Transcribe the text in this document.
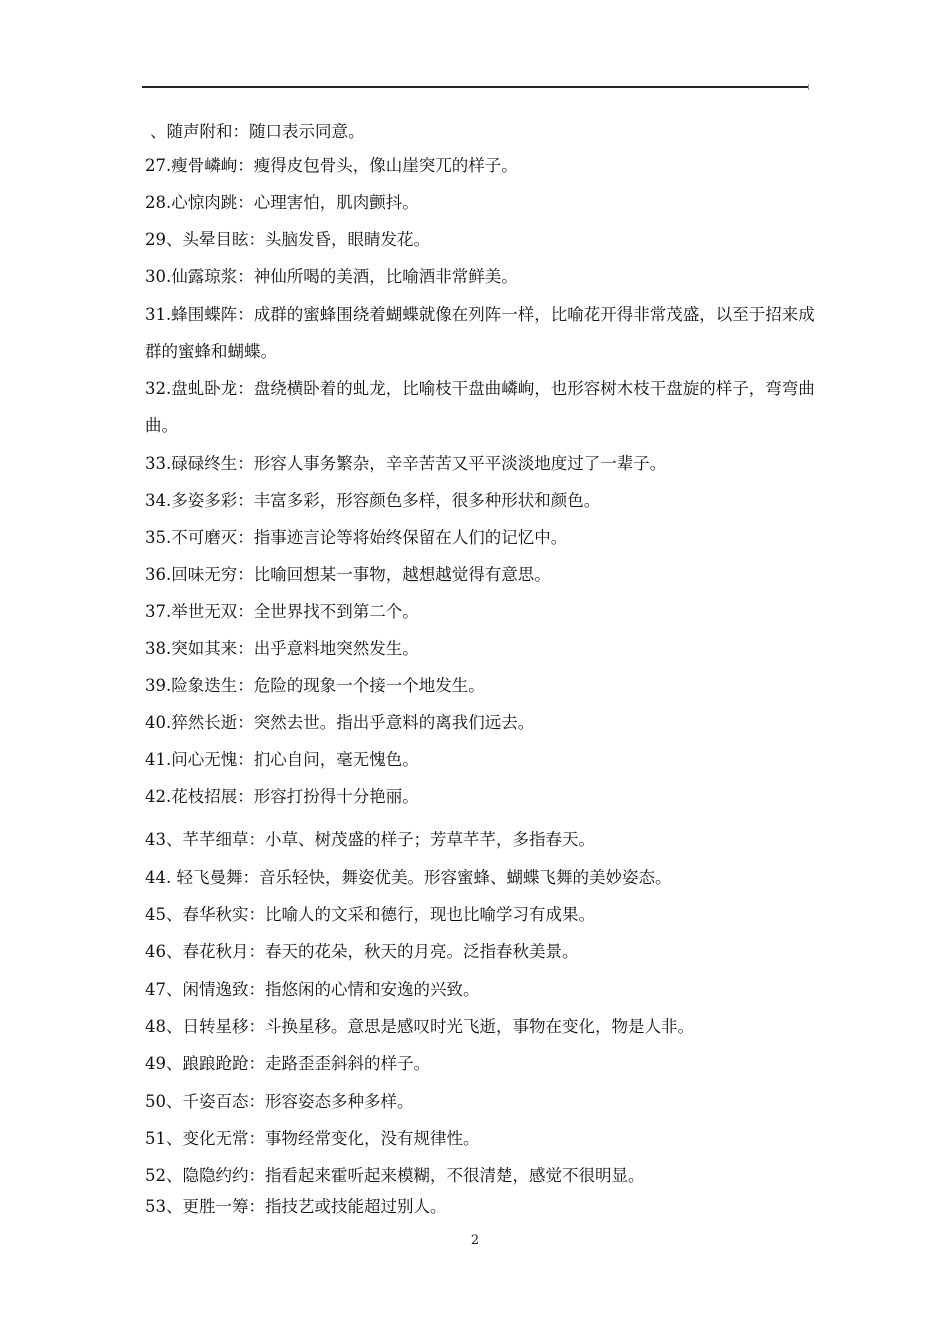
、随声附和：随口表示同意。
27.瘦骨嶙峋：瘦得皮包骨头，像山崖突兀的样子。
28.心惊肉跳：心理害怕，肌肉颤抖。
29、头晕目眩：头脑发昏，眼睛发花。
30.仙露琼浆：神仙所喝的美酒，比喻酒非常鲜美。
31.蜂围蝶阵：成群的蜜蜂围绕着蝴蝶就像在列阵一样，比喻花开得非常茂盛，以至于招来成群的蜜蜂和蝴蝶。
32.盘虬卧龙：盘绕横卧着的虬龙，比喻枝干盘曲嶙峋，也形容树木枝干盘旋的样子，弯弯曲曲。
33.碌碌终生：形容人事务繁杂，辛辛苦苦又平平淡淡地度过了一辈子。
34.多姿多彩：丰富多彩，形容颜色多样，很多种形状和颜色。
35.不可磨灭：指事迹言论等将始终保留在人们的记忆中。
36.回味无穷：比喻回想某一事物，越想越觉得有意思。
37.举世无双：全世界找不到第二个。
38.突如其来：出乎意料地突然发生。
39.险象迭生：危险的现象一个接一个地发生。
40.猝然长逝：突然去世。指出乎意料的离我们远去。
41.问心无愧：扪心自问，毫无愧色。
42.花枝招展：形容打扮得十分艳丽。
43、芊芊细草：小草、树茂盛的样子；芳草芊芊，多指春天。
44. 轻飞曼舞：音乐轻快，舞姿优美。形容蜜蜂、蝴蝶飞舞的美妙姿态。
45、春华秋实：比喻人的文采和德行，现也比喻学习有成果。
46、春花秋月：春天的花朵，秋天的月亮。泛指春秋美景。
47、闲情逸致：指悠闲的心情和安逸的兴致。
48、日转星移：斗换星移。意思是感叹时光飞逝，事物在变化，物是人非。
49、踉踉跄跄：走路歪歪斜斜的样子。
50、千姿百态：形容姿态多种多样。
51、变化无常：事物经常变化，没有规律性。
52、隐隐约约：指看起来霍听起来模糊，不很清楚，感觉不很明显。
53、更胜一筹：指技艺或技能超过别人。
2
